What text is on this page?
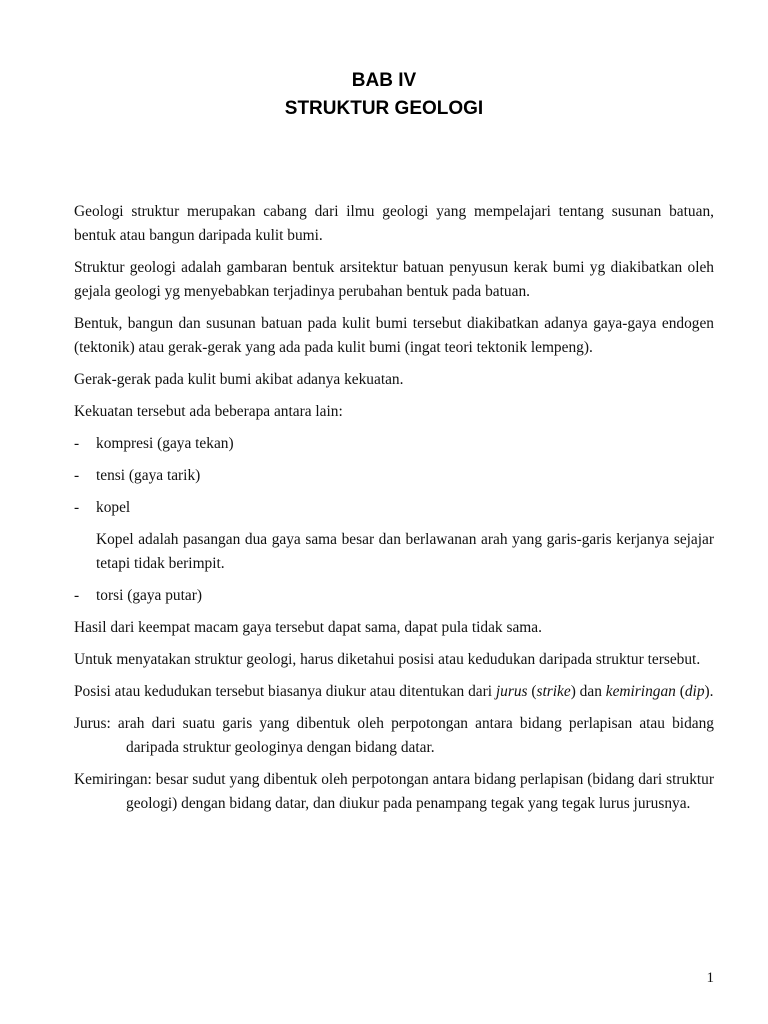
BAB IV
STRUKTUR GEOLOGI

Geologi struktur merupakan cabang dari ilmu geologi yang mempelajari tentang susunan batuan, bentuk atau bangun daripada kulit bumi.

Struktur geologi adalah gambaran bentuk arsitektur batuan penyusun kerak bumi yg diakibatkan oleh gejala geologi yg menyebabkan terjadinya perubahan bentuk pada batuan.

Bentuk, bangun dan susunan batuan pada kulit bumi tersebut diakibatkan adanya gaya-gaya endogen (tektonik) atau gerak-gerak yang ada pada kulit bumi (ingat teori tektonik lempeng).

Gerak-gerak pada kulit bumi akibat adanya kekuatan.

Kekuatan tersebut ada beberapa antara lain:

-	kompresi (gaya tekan)
-	tensi (gaya tarik)
-	kopel

Kopel adalah pasangan dua gaya sama besar dan berlawanan arah yang garis-garis kerjanya sejajar tetapi tidak berimpit.

-	torsi (gaya putar)

Hasil dari keempat macam gaya tersebut dapat sama, dapat pula tidak sama.

Untuk menyatakan struktur geologi, harus diketahui posisi atau kedudukan daripada struktur tersebut.

Posisi atau kedudukan tersebut biasanya diukur atau ditentukan dari jurus (strike) dan kemiringan (dip).

Jurus: arah dari suatu garis yang dibentuk oleh perpotongan antara bidang perlapisan atau bidang daripada struktur geologinya dengan bidang datar.

Kemiringan: besar sudut yang dibentuk oleh perpotongan antara bidang perlapisan (bidang dari struktur geologi) dengan bidang datar, dan diukur pada penampang tegak yang tegak lurus jurusnya.

1
